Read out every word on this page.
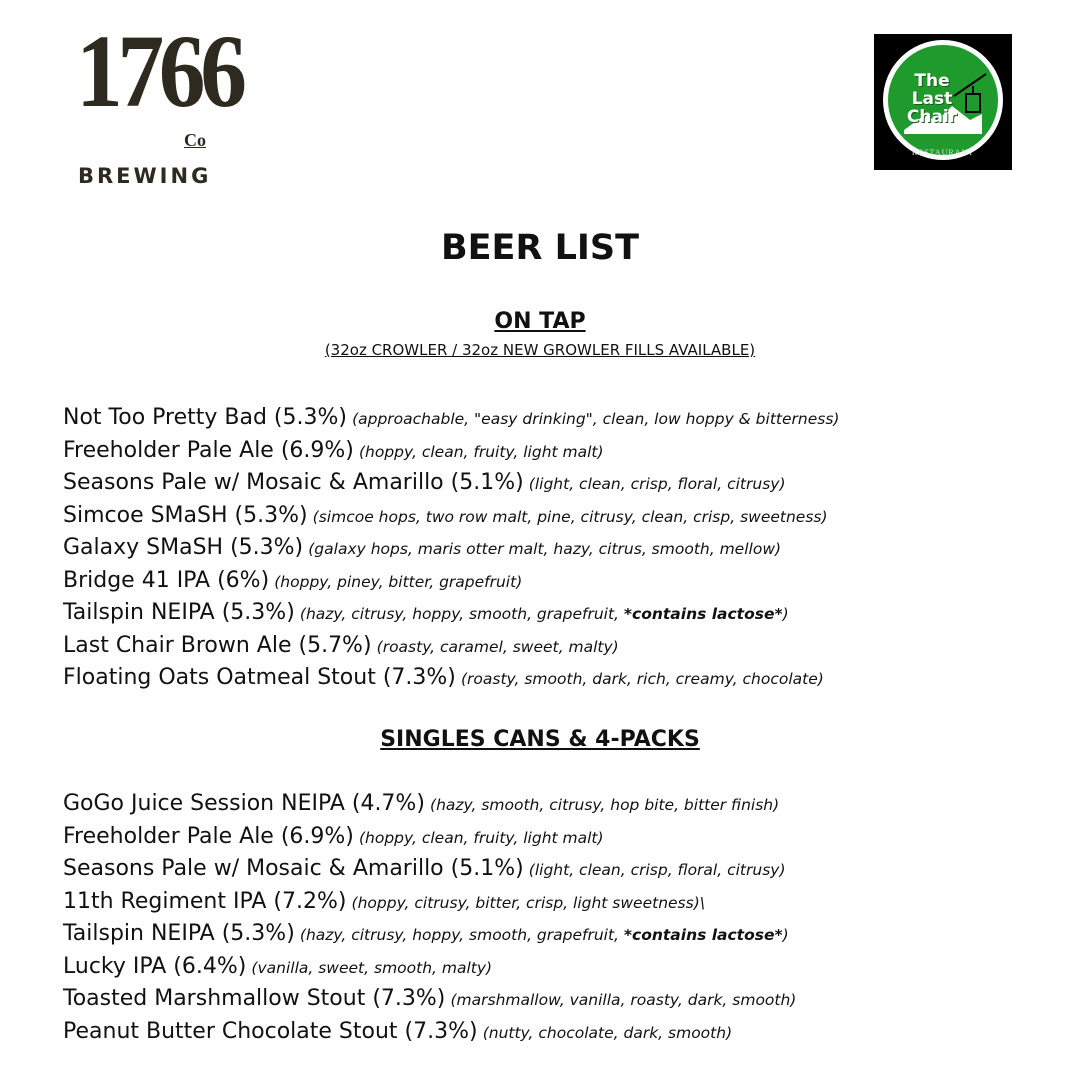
1766
Co
BREWING
The
Last
Chair
RESTAURANT
BEER LIST
ON TAP
(32oz CROWLER / 32oz NEW GROWLER FILLS AVAILABLE)
Not Too Pretty Bad (5.3%) (approachable, "easy drinking", clean, low hoppy & bitterness)
Freeholder Pale Ale (6.9%) (hoppy, clean, fruity, light malt)
Seasons Pale w/ Mosaic & Amarillo (5.1%) (light, clean, crisp, floral, citrusy)
Simcoe SMaSH (5.3%) (simcoe hops, two row malt, pine, citrusy, clean, crisp, sweetness)
Galaxy SMaSH (5.3%) (galaxy hops, maris otter malt, hazy, citrus, smooth, mellow)
Bridge 41 IPA (6%) (hoppy, piney, bitter, grapefruit)
Tailspin NEIPA (5.3%) (hazy, citrusy, hoppy, smooth, grapefruit, *contains lactose*)
Last Chair Brown Ale (5.7%) (roasty, caramel, sweet, malty)
Floating Oats Oatmeal Stout (7.3%) (roasty, smooth, dark, rich, creamy, chocolate)
SINGLES CANS & 4-PACKS
GoGo Juice Session NEIPA (4.7%) (hazy, smooth, citrusy, hop bite, bitter finish)
Freeholder Pale Ale (6.9%) (hoppy, clean, fruity, light malt)
Seasons Pale w/ Mosaic & Amarillo (5.1%) (light, clean, crisp, floral, citrusy)
11th Regiment IPA (7.2%) (hoppy, citrusy, bitter, crisp, light sweetness)\
Tailspin NEIPA (5.3%) (hazy, citrusy, hoppy, smooth, grapefruit, *contains lactose*)
Lucky IPA (6.4%) (vanilla, sweet, smooth, malty)
Toasted Marshmallow Stout (7.3%) (marshmallow, vanilla, roasty, dark, smooth)
Peanut Butter Chocolate Stout (7.3%) (nutty, chocolate, dark, smooth)
